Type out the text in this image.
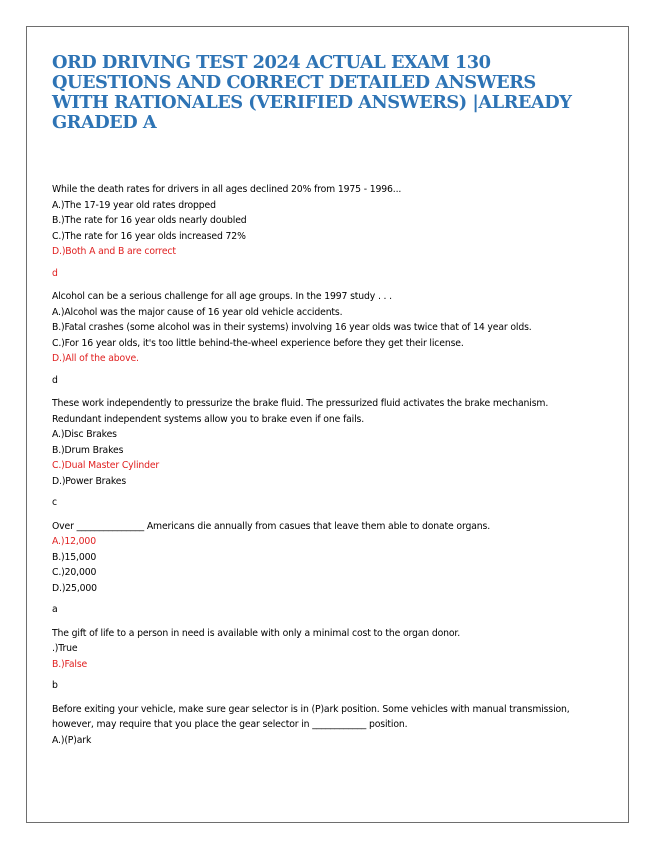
ORD DRIVING TEST 2024 ACTUAL EXAM 130 QUESTIONS AND CORRECT DETAILED ANSWERS WITH RATIONALES (VERIFIED ANSWERS) |ALREADY GRADED A

While the death rates for drivers in all ages declined 20% from 1975 - 1996...

A.)The 17-19 year old rates dropped

B.)The rate for 16 year olds nearly doubled

C.)The rate for 16 year olds increased 72%

D.)Both A and B are correct

d

Alcohol can be a serious challenge for all age groups. In the 1997 study . . .

A.)Alcohol was the major cause of 16 year old vehicle accidents.

B.)Fatal crashes (some alcohol was in their systems) involving 16 year olds was twice that of 14 year olds.

C.)For 16 year olds, it's too little behind-the-wheel experience before they get their license.

D.)All of the above.

d

These work independently to pressurize the brake fluid. The pressurized fluid activates the brake mechanism. Redundant independent systems allow you to brake even if one fails.

A.)Disc Brakes

B.)Drum Brakes

C.)Dual Master Cylinder

D.)Power Brakes

c

Over _______________ Americans die annually from casues that leave them able to donate organs.

A.)12,000

B.)15,000

C.)20,000

D.)25,000

a

The gift of life to a person in need is available with only a minimal cost to the organ donor.

.)True

B.)False

b

Before exiting your vehicle, make sure gear selector is in (P)ark position. Some vehicles with manual transmission, however, may require that you place the gear selector in ____________ position.

A.)(P)ark
